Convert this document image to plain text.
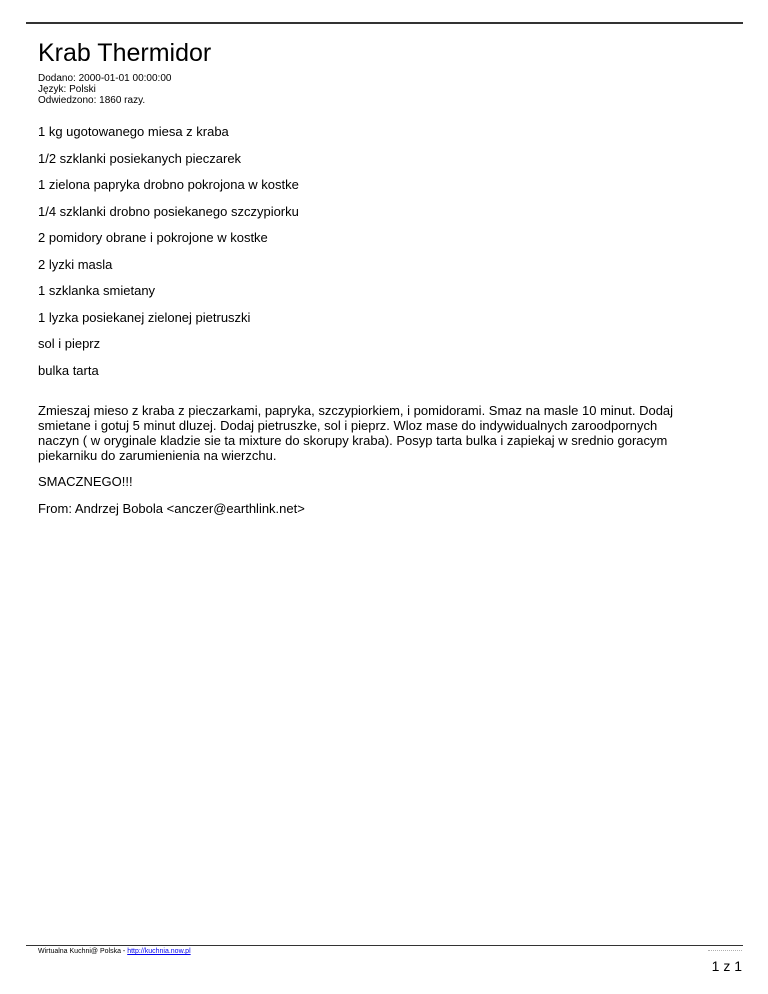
Krab Thermidor
Dodano: 2000-01-01 00:00:00
Język: Polski
Odwiedzono: 1860 razy.
1 kg ugotowanego miesa z kraba
1/2 szklanki posiekanych pieczarek
1 zielona papryka drobno pokrojona w kostke
1/4 szklanki drobno posiekanego szczypiorku
2 pomidory obrane i pokrojone w kostke
2 lyzki masla
1 szklanka smietany
1 lyzka posiekanej zielonej pietruszki
sol i pieprz
bulka tarta

Zmieszaj mieso z kraba z pieczarkami, papryka, szczypiorkiem, i pomidorami. Smaz na masle 10 minut. Dodaj smietane i gotuj 5 minut dluzej. Dodaj pietruszke, sol i pieprz. Wloz mase do indywidualnych zaroodpornych naczyn ( w oryginale kladzie sie ta mixture do skorupy kraba). Posyp tarta bulka i zapiekaj w srednio goracym piekarniku do zarumienienia na wierzchu.

SMACZNEGO!!!

From: Andrzej Bobola <anczer@earthlink.net>

Wirtualna Kuchni@ Polska - http://kuchnia.now.pl
1 z 1
